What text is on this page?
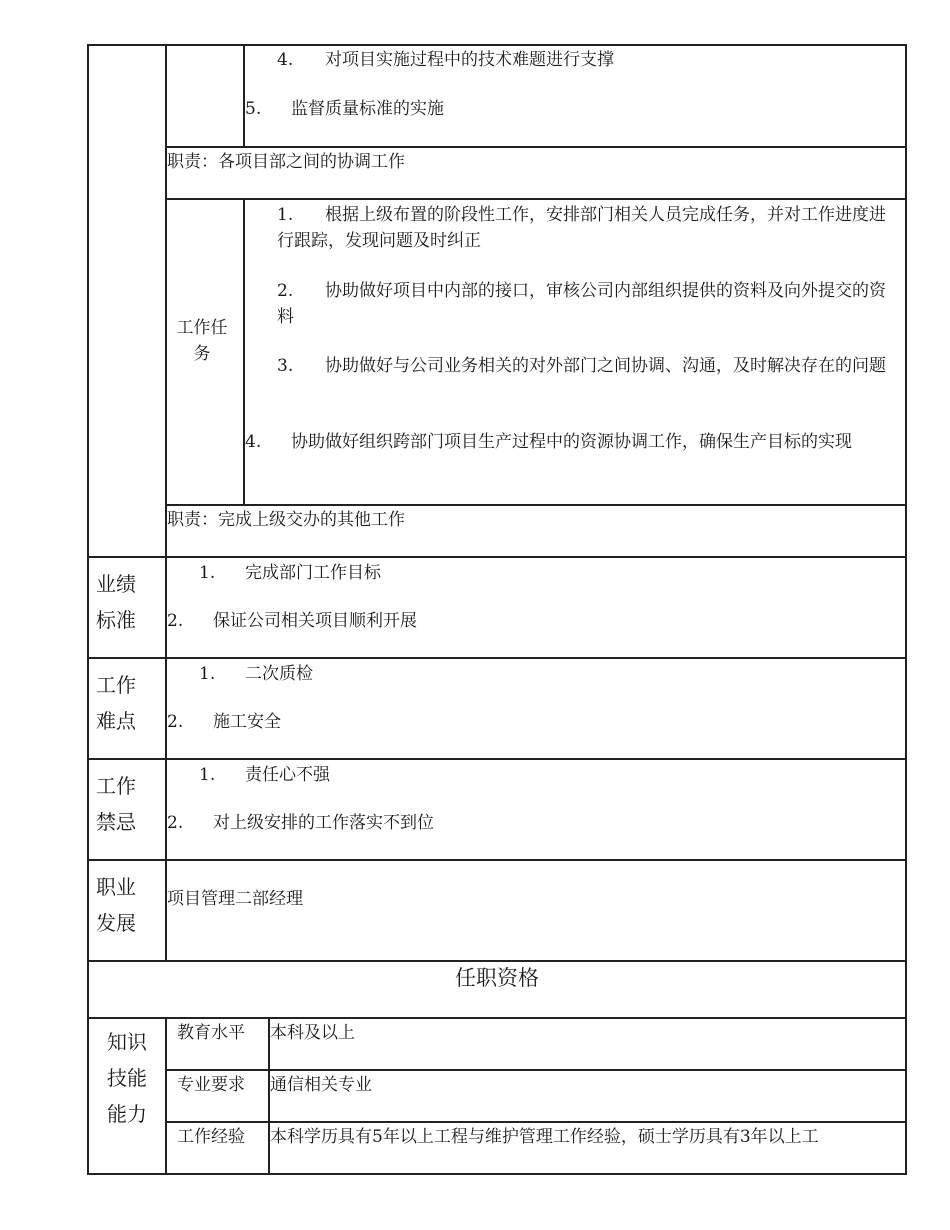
4. 对项目实施过程中的技术难题进行支撑
5. 监督质量标准的实施
职责：各项目部之间的协调工作
工作任务
1. 根据上级布置的阶段性工作，安排部门相关人员完成任务，并对工作进度进行跟踪，发现问题及时纠正
2. 协助做好项目中内部的接口，审核公司内部组织提供的资料及向外提交的资料
3. 协助做好与公司业务相关的对外部门之间协调、沟通，及时解决存在的问题
4. 协助做好组织跨部门项目生产过程中的资源协调工作，确保生产目标的实现
职责：完成上级交办的其他工作
业绩标准
1. 完成部门工作目标
2. 保证公司相关项目顺利开展
工作难点
1. 二次质检
2. 施工安全
工作禁忌
1. 责任心不强
2. 对上级安排的工作落实不到位
职业发展
项目管理二部经理
任职资格
知识技能能力
教育水平 本科及以上
专业要求 通信相关专业
工作经验 本科学历具有5年以上工程与维护管理工作经验，硕士学历具有3年以上工
